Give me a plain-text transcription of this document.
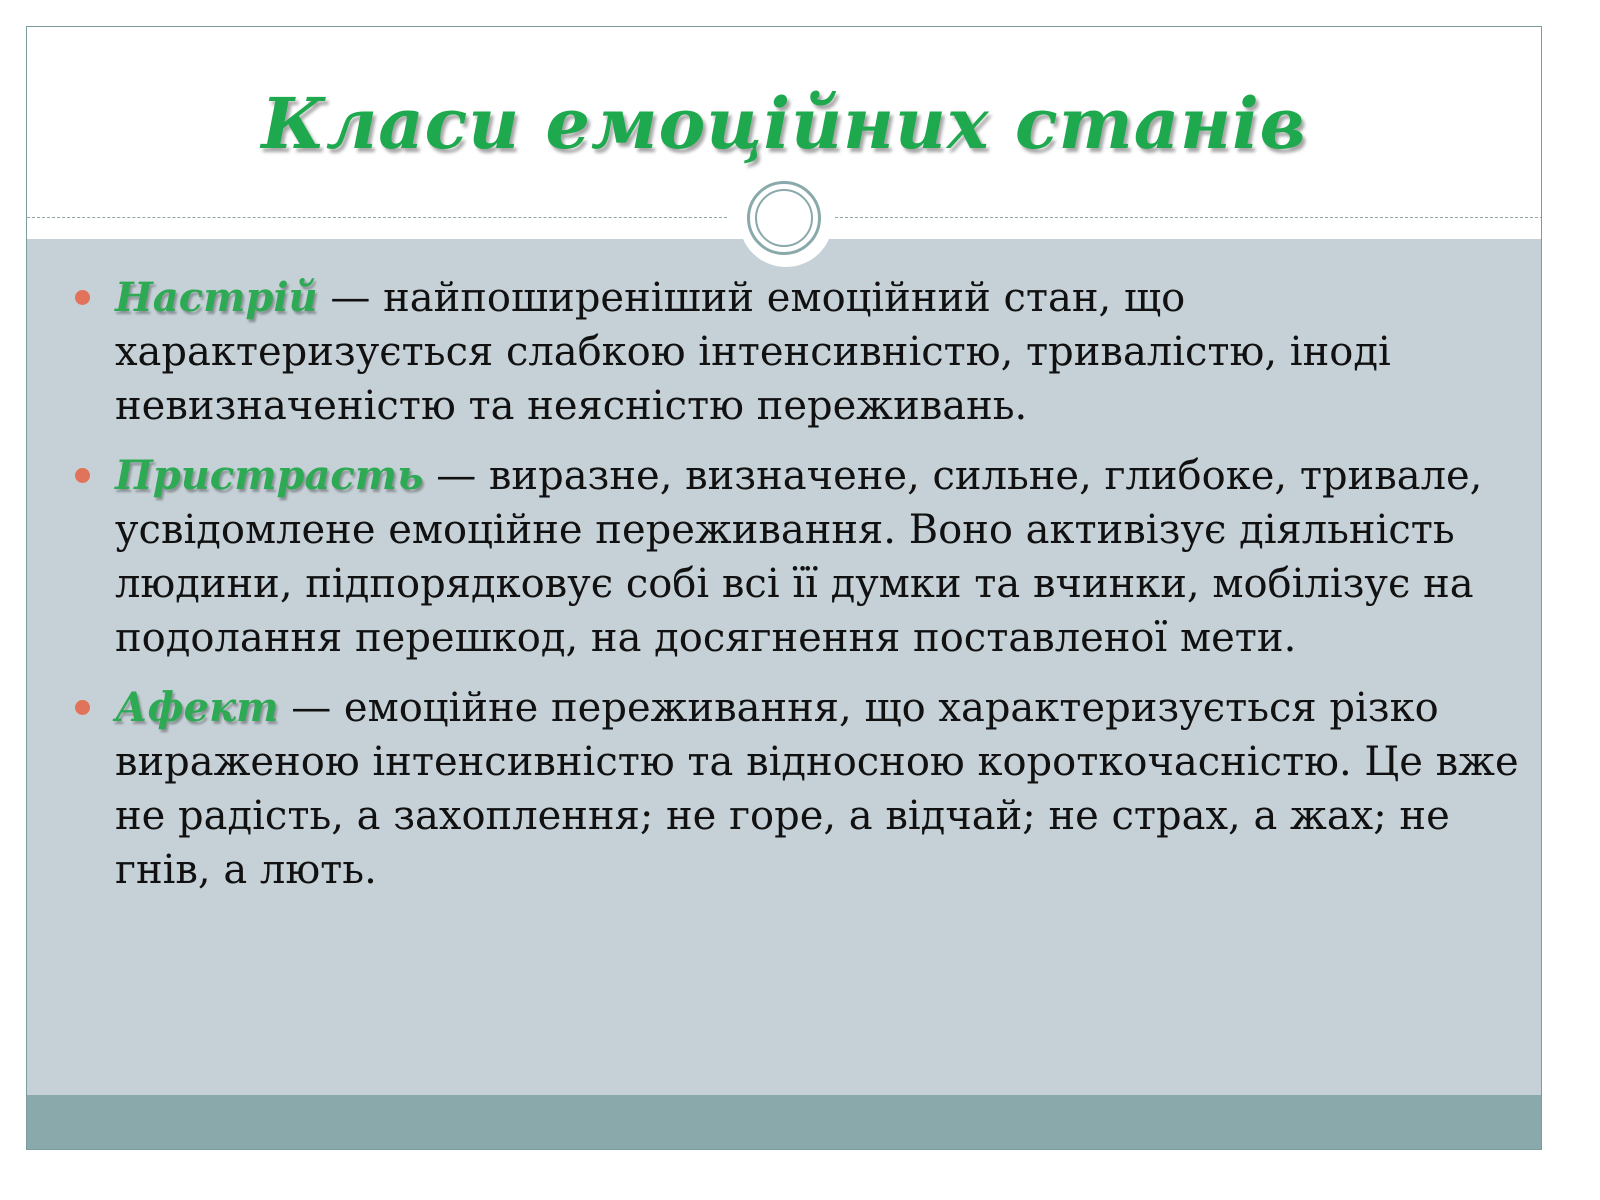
Класи емоційних станів
Настрій — найпоширеніший емоційний стан, що характеризується слабкою інтенсивністю, тривалістю, іноді невизначеністю та неясністю переживань.
Пристрасть — виразне, визначене, сильне, глибоке, тривале, усвідомлене емоційне переживання. Воно активізує діяльність людини, підпорядковує собі всі її думки та вчинки, мобілізує на подолання перешкод, на досягнення поставленої мети.
Афект — емоційне переживання, що характеризується різко вираженою інтенсивністю та відносною короткочасністю. Це вже не радість, а захоплення; не горе, а відчай; не страх, а жах; не гнів, а лють.
